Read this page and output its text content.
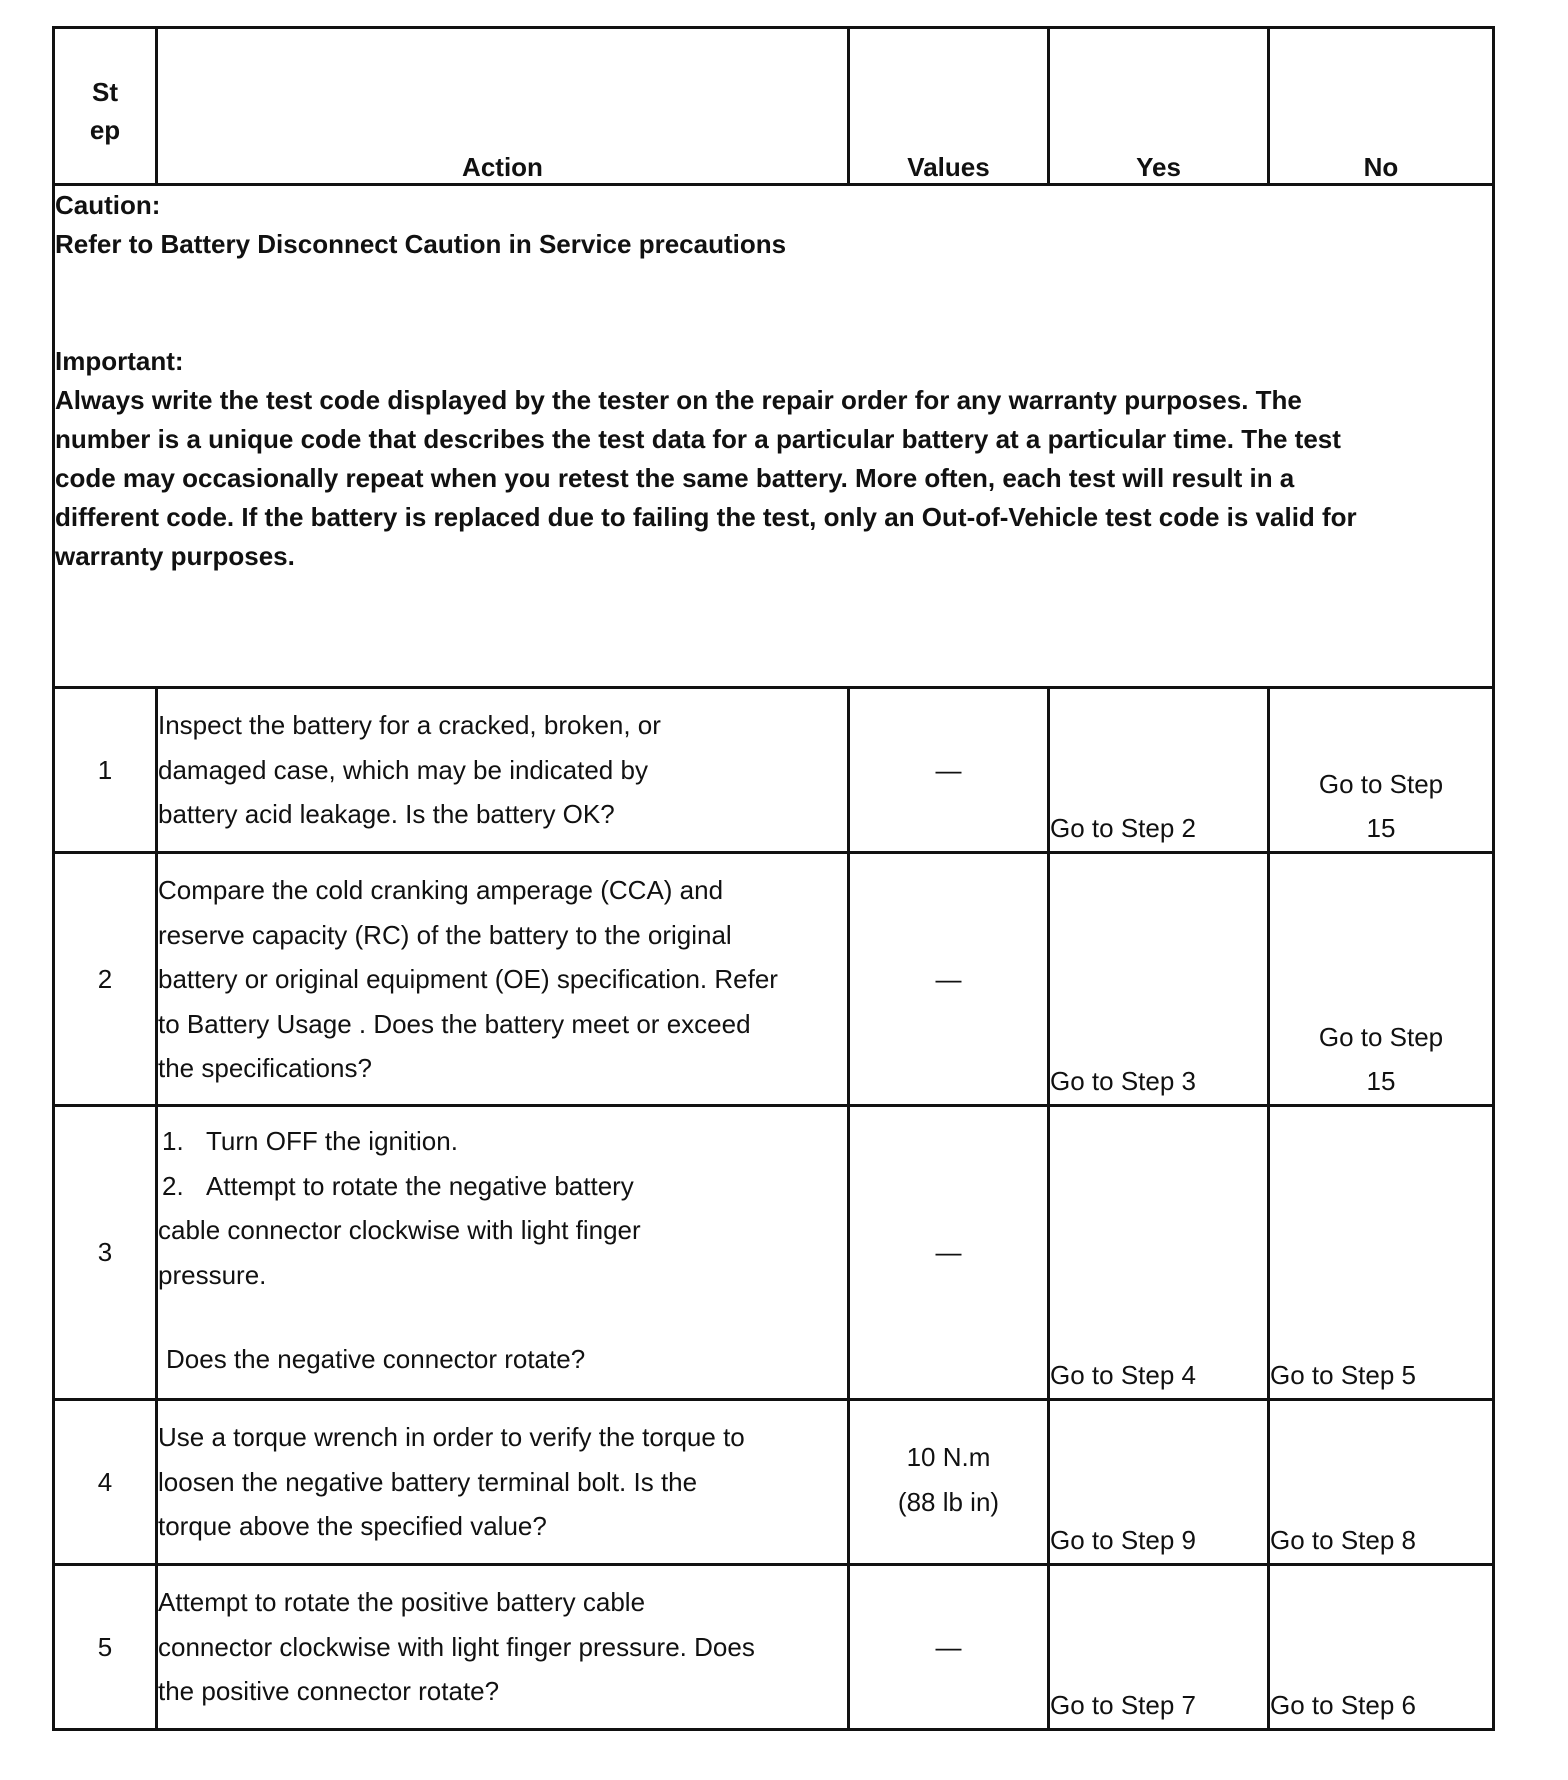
St
ep	Action	Values	Yes	No

Caution:
Refer to Battery Disconnect Caution in Service precautions
Important:
Always write the test code displayed by the tester on the repair order for any warranty purposes. The number is a unique code that describes the test data for a particular battery at a particular time. The test code may occasionally repeat when you retest the same battery. More often, each test will result in a different code. If the battery is replaced due to failing the test, only an Out-of-Vehicle test code is valid for warranty purposes.				

1	Inspect the battery for a cracked, broken, or damaged case, which may be indicated by battery acid leakage. Is the battery OK?	—	Go to Step 2	Go to Step 15

2	Compare the cold cranking amperage (CCA) and reserve capacity (RC) of the battery to the original battery or original equipment (OE) specification. Refer to Battery Usage . Does the battery meet or exceed the specifications?	—	Go to Step 3	Go to Step 15

3	1. Turn OFF the ignition.
2. Attempt to rotate the negative battery
cable connector clockwise with light finger pressure.
Does the negative connector rotate?	—	Go to Step 4	Go to Step 5
4	Use a torque wrench in order to verify the torque to loosen the negative battery terminal bolt. Is the torque above the specified value?	10 N.m (88 lb in)	Go to Step 9	Go to Step 8
5	Attempt to rotate the positive battery cable connector clockwise with light finger pressure. Does the positive connector rotate?	—	Go to Step 7	Go to Step 6
